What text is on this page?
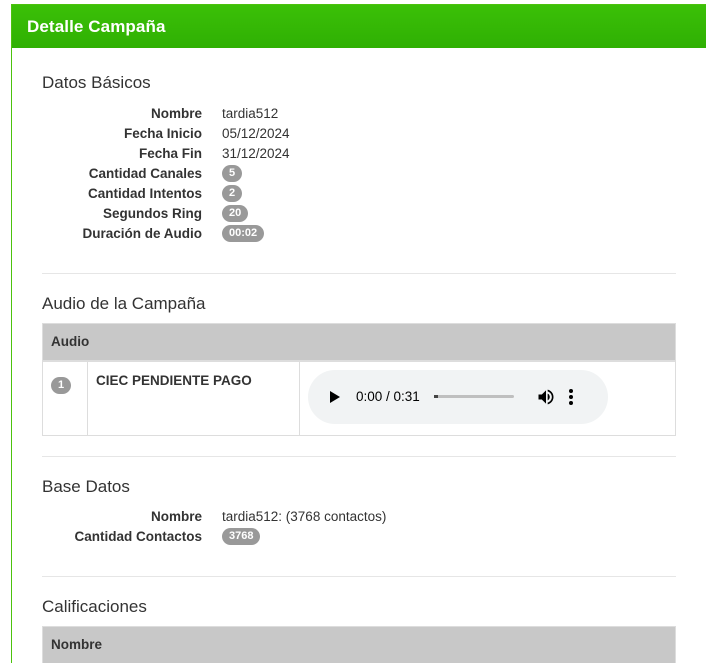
Detalle Campaña
Datos Básicos
Nombre tardia512
Fecha Inicio 05/12/2024
Fecha Fin 31/12/2024
Cantidad Canales	5
Cantidad Intentos	2
Segundos Ring	20
Duración de Audio	00:02
Audio de la Campaña
Audio
1	CIEC PENDIENTE PAGO	
0:00 / 0:31
Base Datos
Nombre tardia512: (3768 contactos)
Cantidad Contactos	3768
Calificaciones
Nombre
